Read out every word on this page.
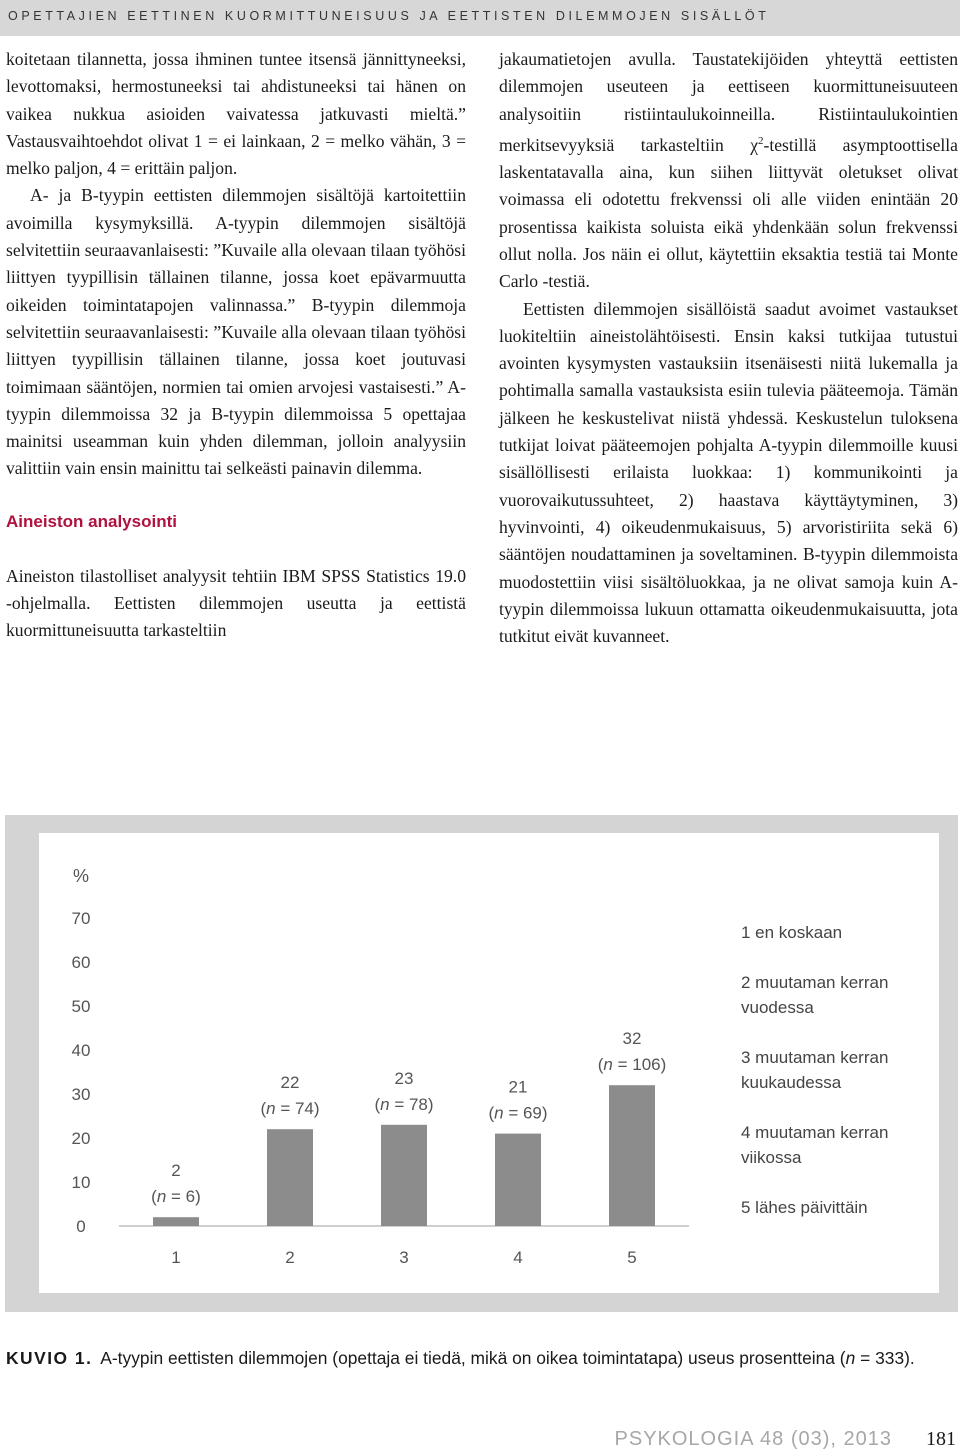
OPETTAJIEN EETTINEN KUORMITTUNEISUUS JA EETTISTEN DILEMMOJEN SISÄLLÖT

koitetaan tilannetta, jossa ihminen tuntee itsensä jännittyneeksi, levottomaksi, hermostuneeksi tai ahdistuneeksi tai hänen on vaikea nukkua asioiden vaivatessa jatkuvasti mieltä.” Vastausvaihtoehdot olivat 1 = ei lainkaan, 2 = melko vähän, 3 = melko paljon, 4 = erittäin paljon.

A- ja B-tyypin eettisten dilemmojen sisältöjä kartoitettiin avoimilla kysymyksillä. A-tyypin dilemmojen sisältöjä selvitettiin seuraavanlaisesti: ”Kuvaile alla olevaan tilaan työhösi liittyen tyypillisin tällainen tilanne, jossa koet epävarmuutta oikeiden toimintatapojen valinnassa.” B-tyypin dilemmoja selvitettiin seuraavanlaisesti: ”Kuvaile alla olevaan tilaan työhösi liittyen tyypillisin tällainen tilanne, jossa koet joutuvasi toimimaan sääntöjen, normien tai omien arvojesi vastaisesti.” A-tyypin dilemmoissa 32 ja B-tyypin dilemmoissa 5 opettajaa mainitsi useamman kuin yhden dilemman, jolloin analyysiin valittiin vain ensin mainittu tai selkeästi painavin dilemma.

Aineiston analysointi

Aineiston tilastolliset analyysit tehtiin IBM SPSS Statistics 19.0 -ohjelmalla. Eettisten dilemmojen useutta ja eettistä kuormittuneisuutta tarkasteltiin

jakaumatietojen avulla. Taustatekijöiden yhteyttä eettisten dilemmojen useuteen ja eettiseen kuormittuneisuuteen analysoitiin ristiintaulukoinneilla. Ristiintaulukointien merkitsevyyksiä tarkasteltiin $\chi^2$-testillä asymptoottisella laskentatavalla aina, kun siihen liittyvät oletukset olivat voimassa eli odotettu frekvenssi oli alle viiden enintään 20 prosentissa kaikista soluista eikä yhdenkään solun frekvenssi ollut nolla. Jos näin ei ollut, käytettiin eksaktia testiä tai Monte Carlo -testiä.

Eettisten dilemmojen sisällöistä saadut avoimet vastaukset luokiteltiin aineistolähtöisesti. Ensin kaksi tutkijaa tutustui avointen kysymysten vastauksiin itsenäisesti niitä lukemalla ja pohtimalla samalla vastauksista esiin tulevia pääteemoja. Tämän jälkeen he keskustelivat niistä yhdessä. Keskustelun tuloksena tutkijat loivat pääteemojen pohjalta A-tyypin dilemmoille kuusi sisällöllisesti erilaista luokkaa: 1) kommunikointi ja vuorovaikutussuhteet, 2) haastava käyttäytyminen, 3) hyvinvointi, 4) oikeudenmukaisuus, 5) arvoristiriita sekä 6) sääntöjen noudattaminen ja soveltaminen. B-tyypin dilemmoista muodostettiin viisi sisältöluokkaa, ja ne olivat samoja kuin A-tyypin dilemmoissa lukuun ottamatta oikeudenmukaisuutta, jota tutkitut eivät kuvanneet.

%
0
10
20
30
40
50
60
70
1
2
(n = 6)
2
22
(n = 74)
3
23
(n = 78)
4
21
(n = 69)
5
32
(n = 106)
1 en koskaan
2 muutaman kerran
vuodessa
3 muutaman kerran
kuukaudessa
4 muutaman kerran
viikossa
5 lähes päivittäin
KUVIO 1. A-tyypin eettisten dilemmojen (opettaja ei tiedä, mikä on oikea toimintatapa) useus prosentteina (n = 333).
PSYKOLOGIA 48 (03), 2013 181
